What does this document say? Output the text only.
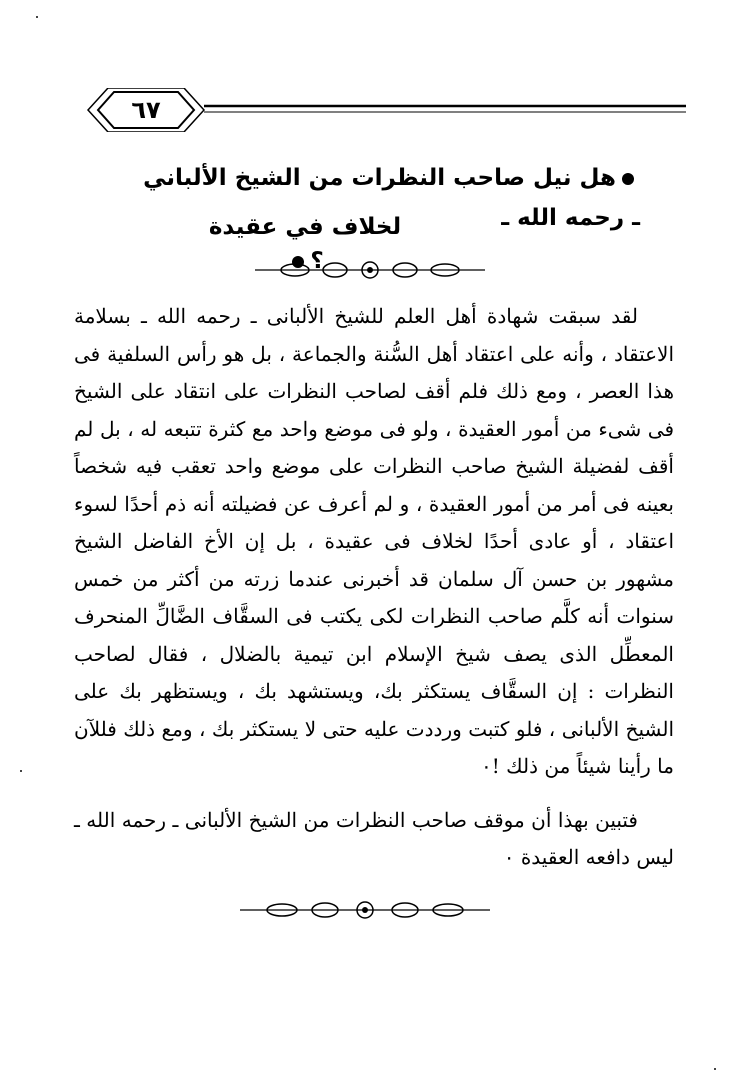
٦٧
هل نيل صاحب النظرات من الشيخ الألباني ـ رحمه الله ـ
لخلاف في عقيدة ؟

لقد سبقت شهادة أهل العلم للشيخ الألبانى ـ رحمه الله ـ بسلامة الاعتقاد ، وأنه على اعتقاد أهل السُّنة والجماعة ، بل هو رأس السلفية فى هذا العصر ، ومع ذلك فلم أقف لصاحب النظرات على انتقاد على الشيخ فى شىء من أمور العقيدة ، ولو فى موضع واحد مع كثرة تتبعه له ، بل لم أقف لفضيلة الشيخ صاحب النظرات على موضع واحد تعقب فيه شخصاً بعينه فى أمر من أمور العقيدة ، و لم أعرف عن فضيلته أنه ذم أحدًا لسوء اعتقاد ، أو عادى أحدًا لخلاف فى عقيدة ، بل إن الأخ الفاضل الشيخ مشهور بن حسن آل سلمان قد أخبرنى عندما زرته من أكثر من خمس سنوات أنه كلَّم صاحب النظرات لكى يكتب فى السقَّاف الضَّالِّ المنحرف المعطِّل الذى يصف شيخ الإسلام ابن تيمية بالضلال ، فقال لصاحب النظرات : إن السقَّاف يستكثر بك، ويستشهد بك ، ويستظهر بك على الشيخ الألبانى ، فلو كتبت ورددت عليه حتى لا يستكثر بك ، ومع ذلك فللآن ما رأينا شيئاً من ذلك !٠

فتبين بهذا أن موقف صاحب النظرات من الشيخ الألبانى ـ رحمه الله ـ ليس دافعه العقيدة ٠
